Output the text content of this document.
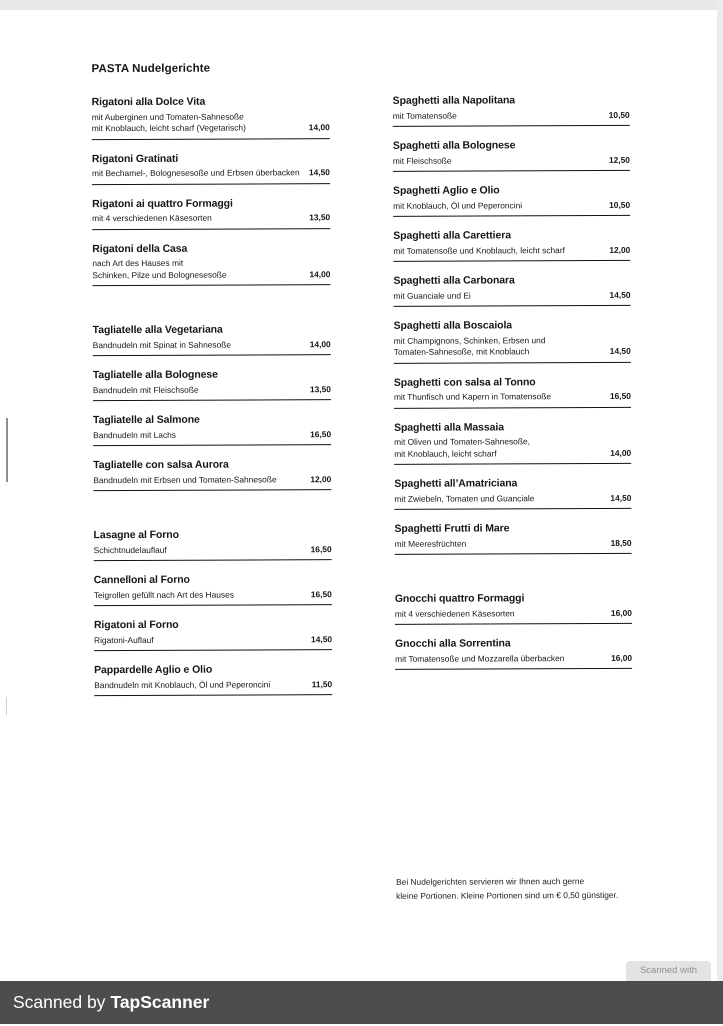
PASTA Nudelgerichte
Rigatoni alla Dolce Vita
mit Auberginen und Tomaten-Sahnesoße
mit Knoblauch, leicht scharf (Vegetarisch)	14,00
Rigatoni Gratinati
mit Bechamel-, Bolognesesoße und Erbsen überbacken	14,50
Rigatoni ai quattro Formaggi
mit 4 verschiedenen Käsesorten	13,50
Rigatoni della Casa
nach Art des Hauses mit
Schinken, Pilze und Bolognesesoße	14,00
Tagliatelle alla Vegetariana
Bandnudeln mit Spinat in Sahnesoße	14,00
Tagliatelle alla Bolognese
Bandnudeln mit Fleischsoße	13,50
Tagliatelle al Salmone
Bandnudeln mit Lachs	16,50
Tagliatelle con salsa Aurora
Bandnudeln mit Erbsen und Tomaten-Sahnesoße	12,00
Lasagne al Forno
Schichtnudelauflauf	16,50
Cannelloni al Forno
Teigrollen gefüllt nach Art des Hauses	16,50
Rigatoni al Forno
Rigatoni-Auflauf	14,50
Pappardelle Aglio e Olio
Bandnudeln mit Knoblauch, Öl und Peperoncini	11,50
Spaghetti alla Napolitana
mit Tomatensoße	10,50
Spaghetti alla Bolognese
mit Fleischsoße	12,50
Spaghetti Aglio e Olio
mit Knoblauch, Öl und Peperoncini	10,50
Spaghetti alla Carettiera
mit Tomatensoße und Knoblauch, leicht scharf	12,00
Spaghetti alla Carbonara
mit Guanciale und Ei	14,50
Spaghetti alla Boscaiola
mit Champignons, Schinken, Erbsen und
Tomaten-Sahnesoße, mit Knoblauch	14,50
Spaghetti con salsa al Tonno
mit Thunfisch und Kapern in Tomatensoße	16,50
Spaghetti alla Massaia
mit Oliven und Tomaten-Sahnesoße,
mit Knoblauch, leicht scharf	14,00
Spaghetti all’Amatriciana
mit Zwiebeln, Tomaten und Guanciale	14,50
Spaghetti Frutti di Mare
mit Meeresfrüchten	18,50
Gnocchi quattro Formaggi
mit 4 verschiedenen Käsesorten	16,00
Gnocchi alla Sorrentina
mit Tomatensoße und Mozzarella überbacken	16,00
Bei Nudelgerichten servieren wir Ihnen auch gerne
kleine Portionen. Kleine Portionen sind um € 0,50 günstiger.
Scanned with
Scanned by TapScanner
